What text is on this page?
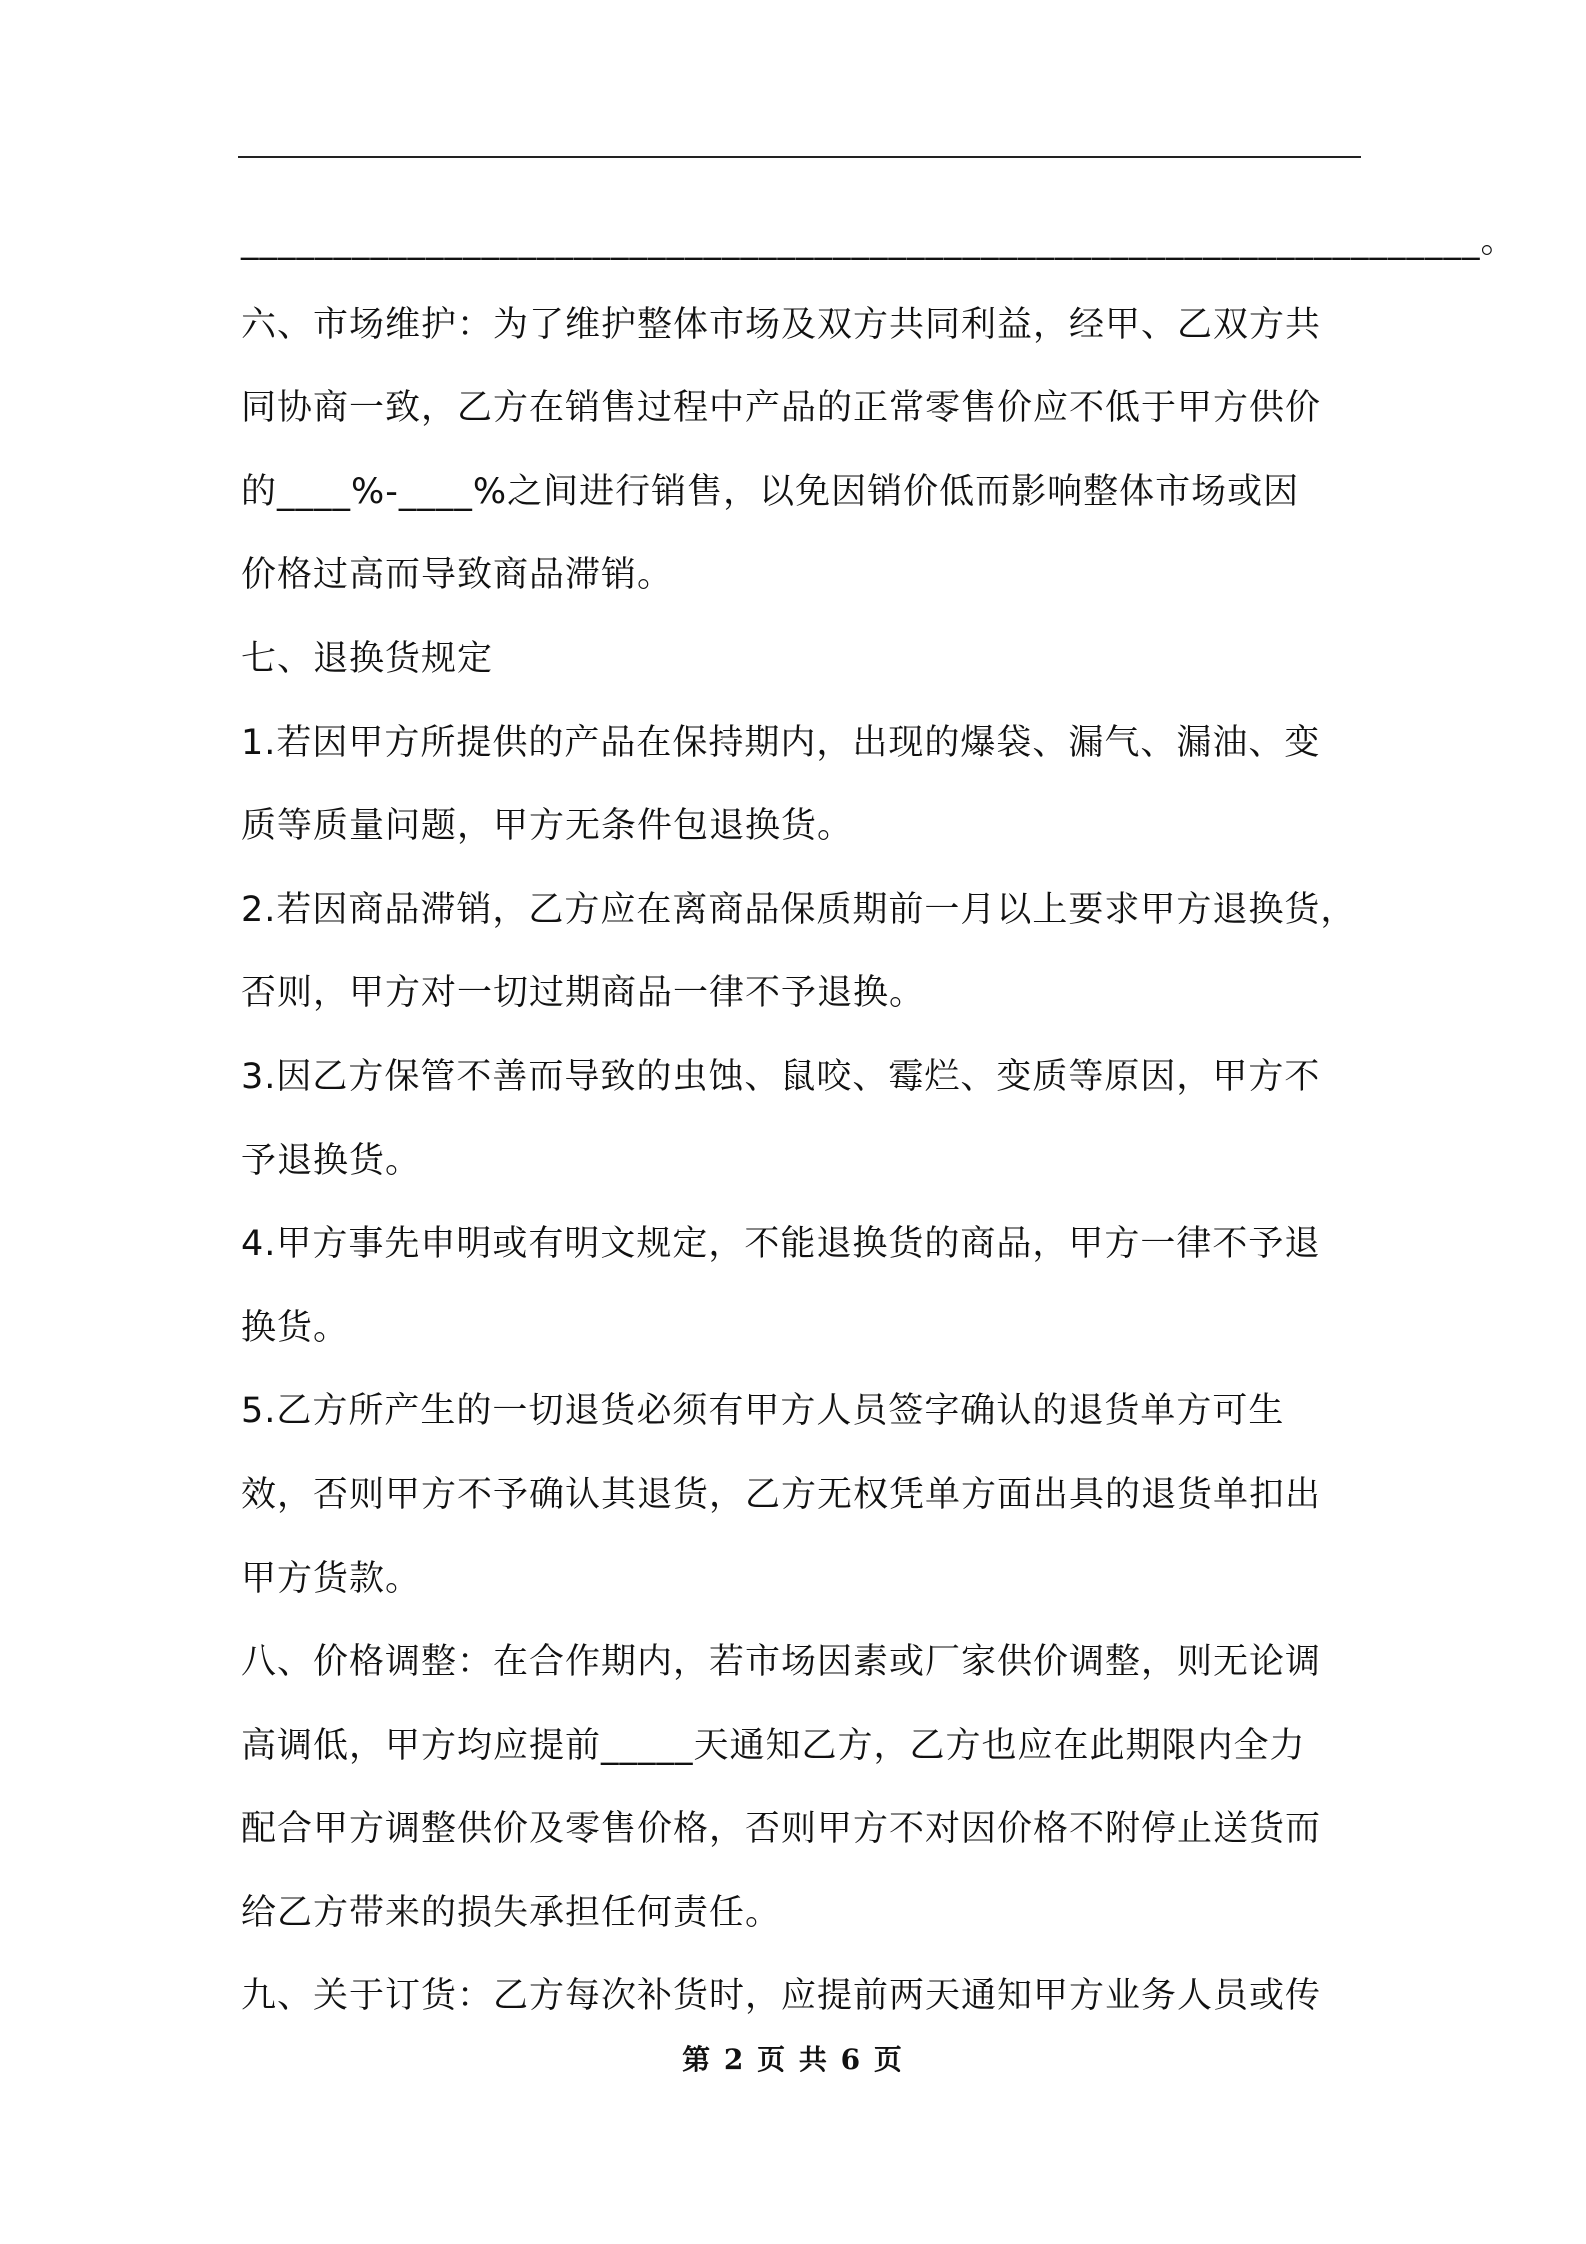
___________________________________________________________________。
六、市场维护：为了维护整体市场及双方共同利益，经甲、乙双方共
同协商一致，乙方在销售过程中产品的正常零售价应不低于甲方供价
的____%-____%之间进行销售，以免因销价低而影响整体市场或因
价格过高而导致商品滞销。
七、退换货规定
1.若因甲方所提供的产品在保持期内，出现的爆袋、漏气、漏油、变
质等质量问题，甲方无条件包退换货。
2.若因商品滞销，乙方应在离商品保质期前一月以上要求甲方退换货，
否则，甲方对一切过期商品一律不予退换。
3.因乙方保管不善而导致的虫蚀、鼠咬、霉烂、变质等原因，甲方不
予退换货。
4.甲方事先申明或有明文规定，不能退换货的商品，甲方一律不予退
换货。
5.乙方所产生的一切退货必须有甲方人员签字确认的退货单方可生
效，否则甲方不予确认其退货，乙方无权凭单方面出具的退货单扣出
甲方货款。
八、价格调整：在合作期内，若市场因素或厂家供价调整，则无论调
高调低，甲方均应提前_____天通知乙方，乙方也应在此期限内全力
配合甲方调整供价及零售价格，否则甲方不对因价格不附停止送货而
给乙方带来的损失承担任何责任。
九、关于订货：乙方每次补货时，应提前两天通知甲方业务人员或传
第 2 页 共 6 页
